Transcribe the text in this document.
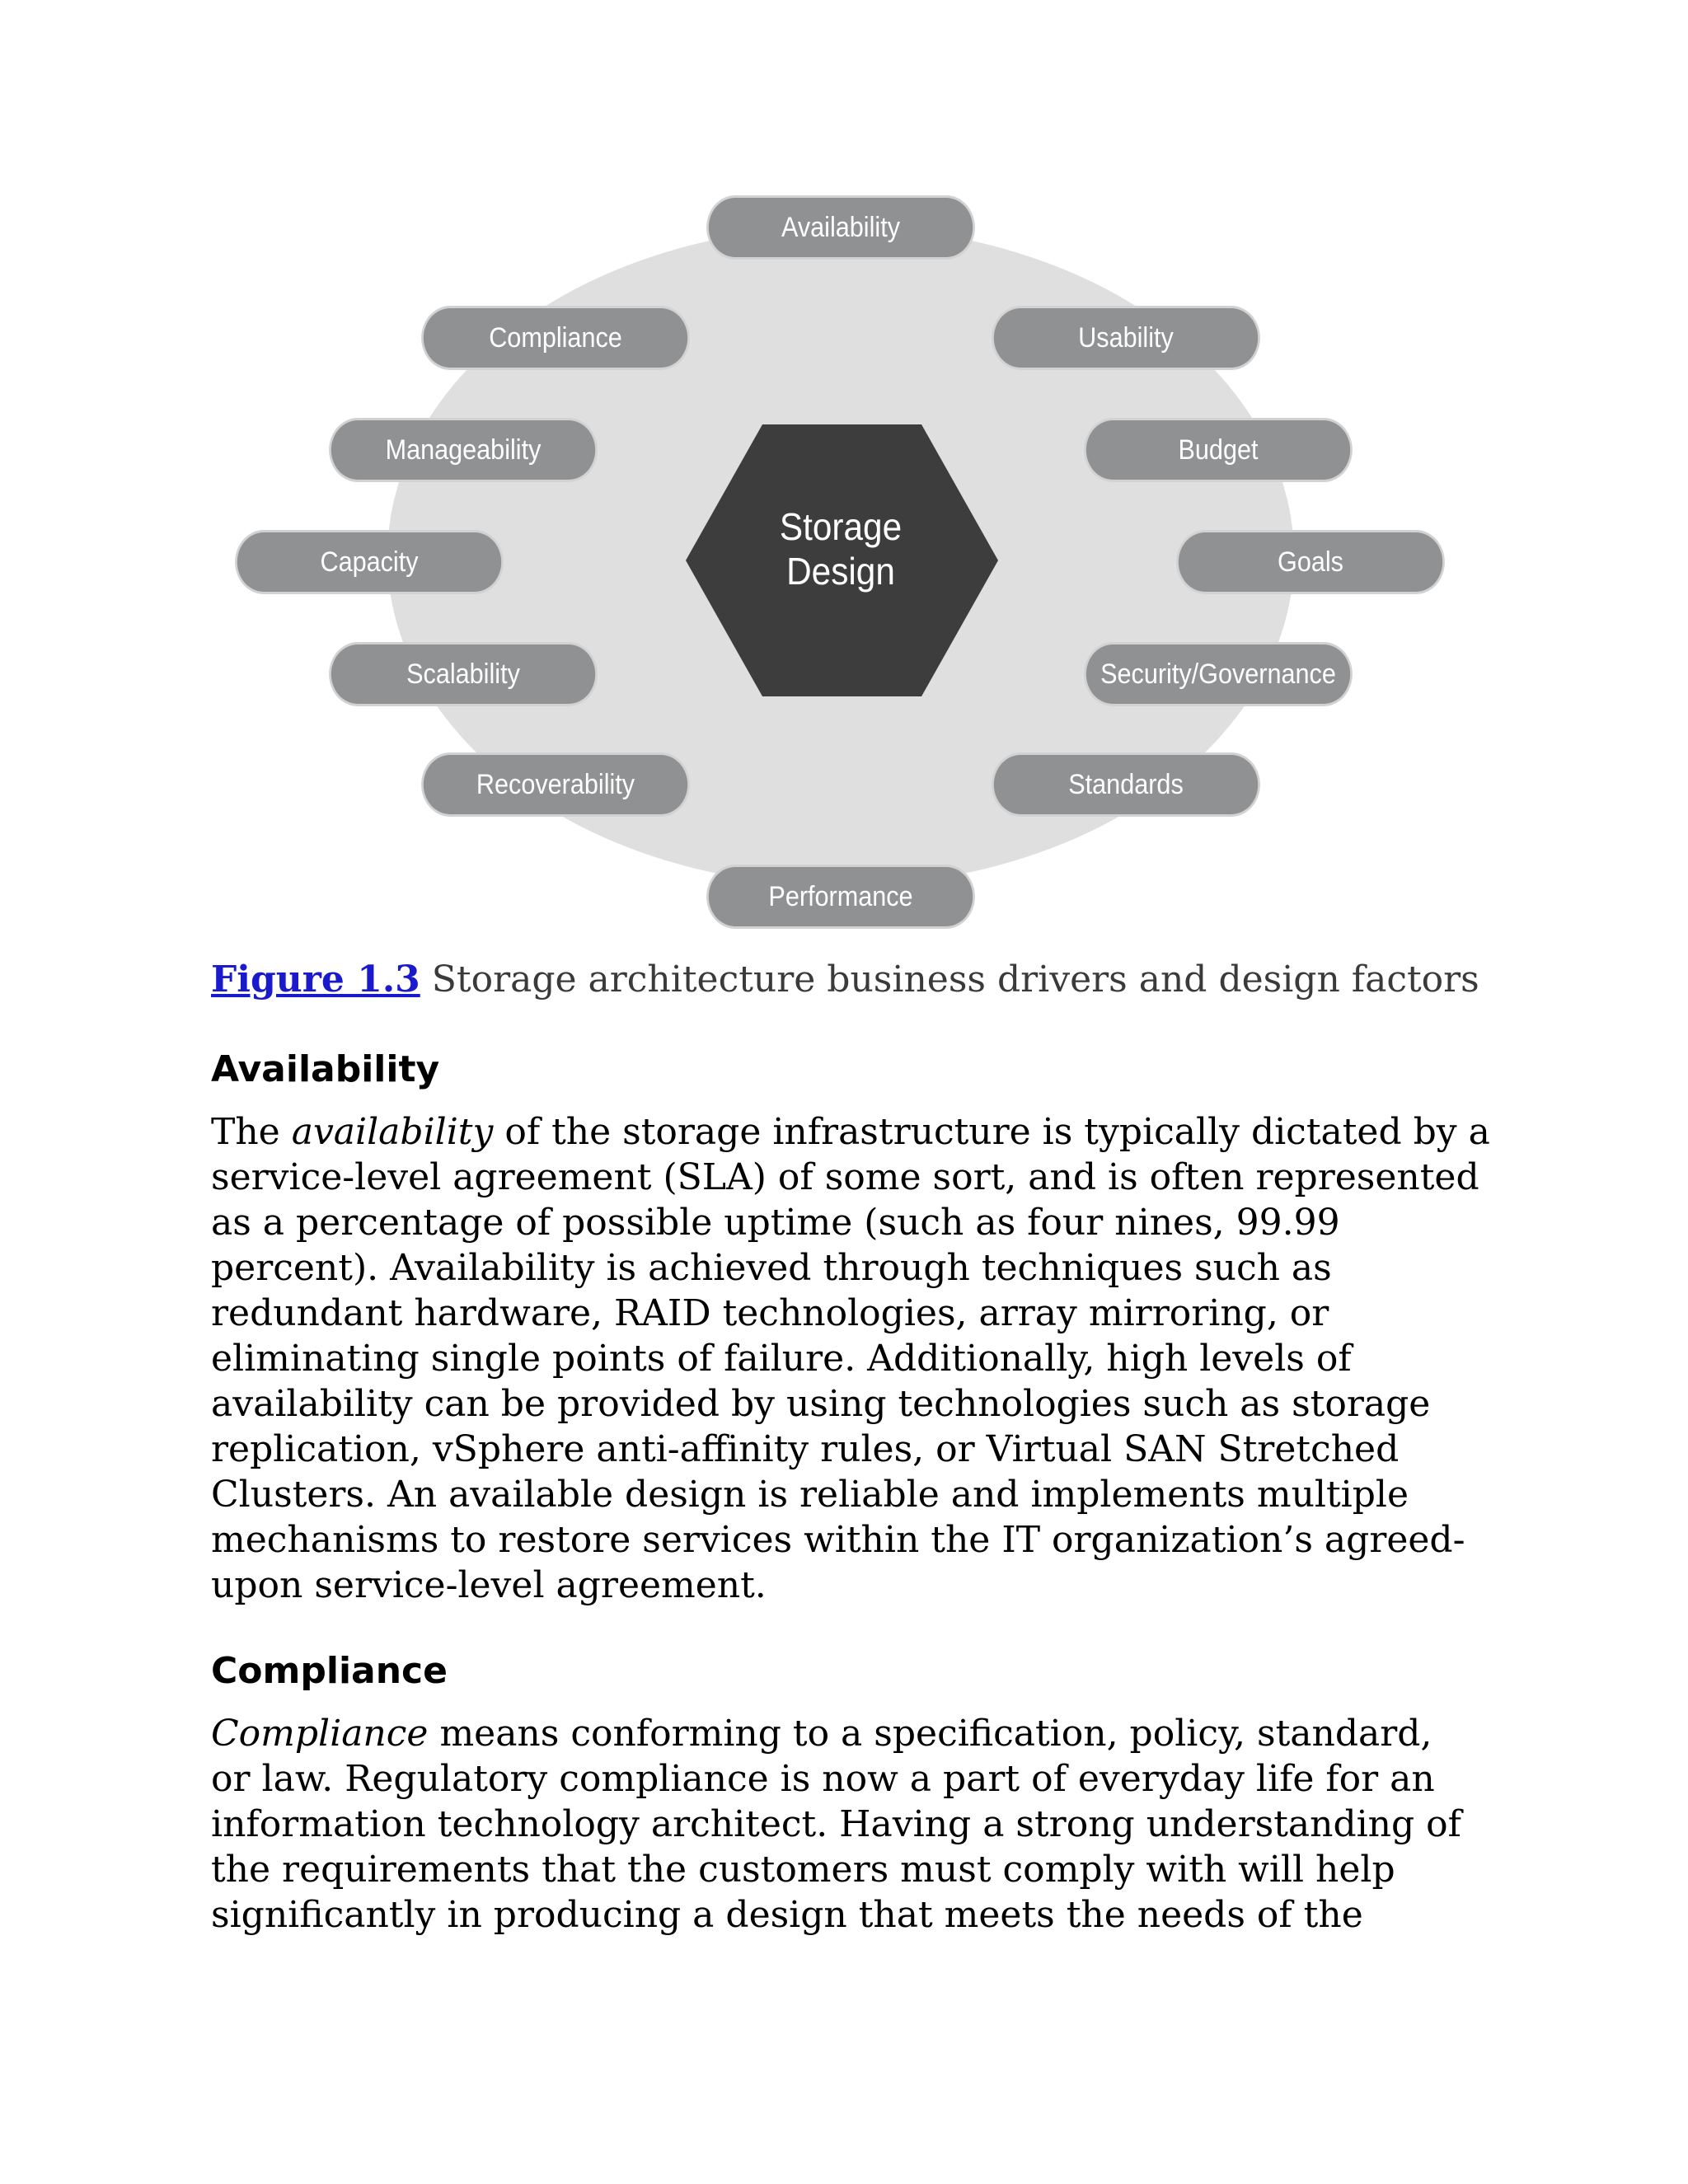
Availability
Compliance	Usability
Manageability	Budget
Capacity	Goals
Scalability	Security/Governance
Recoverability	Standards
Performance
Storage
Design
Figure 1.3 Storage architecture business drivers and design factors
Availability
The availability of the storage infrastructure is typically dictated by a
service-level agreement (SLA) of some sort, and is often represented
as a percentage of possible uptime (such as four nines, 99.99
percent). Availability is achieved through techniques such as
redundant hardware, RAID technologies, array mirroring, or
eliminating single points of failure. Additionally, high levels of
availability can be provided by using technologies such as storage
replication, vSphere anti-affinity rules, or Virtual SAN Stretched
Clusters. An available design is reliable and implements multiple
mechanisms to restore services within the IT organization’s agreed-
upon service-level agreement.
Compliance
Compliance means conforming to a specification, policy, standard,
or law. Regulatory compliance is now a part of everyday life for an
information technology architect. Having a strong understanding of
the requirements that the customers must comply with will help
significantly in producing a design that meets the needs of the
